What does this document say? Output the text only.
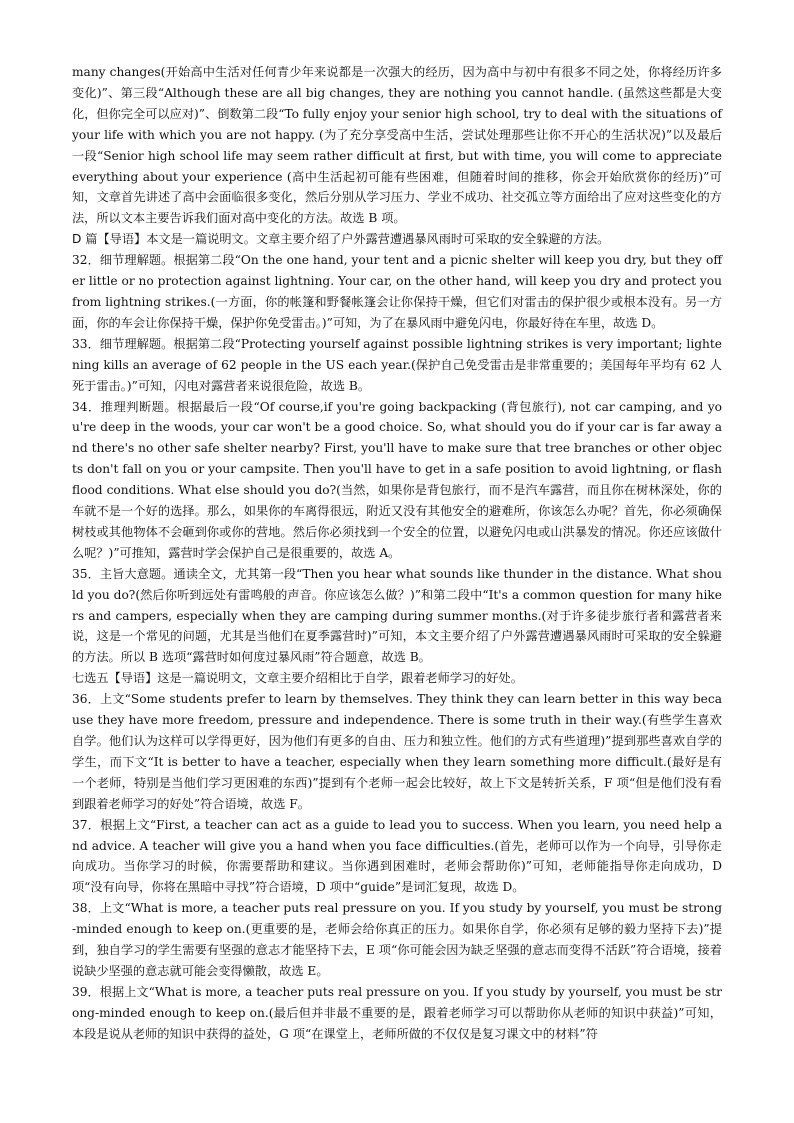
many changes(开始高中生活对任何青少年来说都是一次强大的经历，因为高中与初中有很多不同之处，你将经历许多变化)”、第三段“Although these are all big changes, they are nothing you cannot handle. (虽然这些都是大变化，但你完全可以应对)”、倒数第二段“To fully enjoy your senior high school, try to deal with the situations of your life with which you are not happy. (为了充分享受高中生活，尝试处理那些让你不开心的生活状况)”以及最后一段“Senior high school life may seem rather difficult at first, but with time, you will come to appreciate everything about your experience (高中生活起初可能有些困难，但随着时间的推移，你会开始欣赏你的经历)”可知，文章首先讲述了高中会面临很多变化，然后分别从学习压力、学业不成功、社交孤立等方面给出了应对这些变化的方法，所以文本主要告诉我们面对高中变化的方法。故选 B 项。

D 篇【导语】本文是一篇说明文。文章主要介绍了户外露营遭遇暴风雨时可采取的安全躲避的方法。

32．细节理解题。根据第二段“On the one hand, your tent and a picnic shelter will keep you dry, but they offer little or no protection against lightning. Your car, on the other hand, will keep you dry and protect you from lightning strikes.(一方面，你的帐篷和野餐帐篷会让你保持干燥，但它们对雷击的保护很少或根本没有。另一方面，你的车会让你保持干燥，保护你免受雷击。)”可知，为了在暴风雨中避免闪电，你最好待在车里，故选 D。

33．细节理解题。根据第二段“Protecting yourself against possible lightning strikes is very important; lightening kills an average of 62 people in the US each year.(保护自己免受雷击是非常重要的；美国每年平均有 62 人死于雷击。)”可知，闪电对露营者来说很危险，故选 B。

34．推理判断题。根据最后一段“Of course,if you're going backpacking (背包旅行), not car camping, and you're deep in the woods, your car won't be a good choice. So, what should you do if your car is far away and there's no other safe shelter nearby? First, you'll have to make sure that tree branches or other objects don't fall on you or your campsite. Then you'll have to get in a safe position to avoid lightning, or flash flood conditions. What else should you do?(当然，如果你是背包旅行，而不是汽车露营，而且你在树林深处，你的车就不是一个好的选择。那么，如果你的车离得很远，附近又没有其他安全的避难所，你该怎么办呢？首先，你必须确保树枝或其他物体不会砸到你或你的营地。然后你必须找到一个安全的位置，以避免闪电或山洪暴发的情况。你还应该做什么呢？)”可推知，露营时学会保护自己是很重要的，故选 A。

35．主旨大意题。通读全文，尤其第一段“Then you hear what sounds like thunder in the distance. What should you do?(然后你听到远处有雷鸣般的声音。你应该怎么做？)”和第二段中“It's a common question for many hikers and campers, especially when they are camping during summer months.(对于许多徒步旅行者和露营者来说，这是一个常见的问题，尤其是当他们在夏季露营时)”可知，本文主要介绍了户外露营遭遇暴风雨时可采取的安全躲避的方法。所以 B 选项“露营时如何度过暴风雨”符合题意，故选 B。

七选五【导语】这是一篇说明文，文章主要介绍相比于自学，跟着老师学习的好处。

36．上文“Some students prefer to learn by themselves. They think they can learn better in this way because they have more freedom, pressure and independence. There is some truth in their way.(有些学生喜欢自学。他们认为这样可以学得更好，因为他们有更多的自由、压力和独立性。他们的方式有些道理)”提到那些喜欢自学的学生，而下文“It is better to have a teacher, especially when they learn something more difficult.(最好是有一个老师，特别是当他们学习更困难的东西)”提到有个老师一起会比较好，故上下文是转折关系，F 项“但是他们没有看到跟着老师学习的好处”符合语境，故选 F。

37．根据上文“First, a teacher can act as a guide to lead you to success. When you learn, you need help and advice. A teacher will give you a hand when you face difficulties.(首先，老师可以作为一个向导，引导你走向成功。当你学习的时候，你需要帮助和建议。当你遇到困难时，老师会帮助你)”可知，老师能指导你走向成功，D 项“没有向导，你将在黑暗中寻找”符合语境，D 项中“guide”是词汇复现，故选 D。

38．上文“What is more, a teacher puts real pressure on you. If you study by yourself, you must be strong-minded enough to keep on.(更重要的是，老师会给你真正的压力。如果你自学，你必须有足够的毅力坚持下去)”提到，独自学习的学生需要有坚强的意志才能坚持下去，E 项“你可能会因为缺乏坚强的意志而变得不活跃”符合语境，接着说缺少坚强的意志就可能会变得懒散，故选 E。

39．根据上文“What is more, a teacher puts real pressure on you. If you study by yourself, you must be strong-minded enough to keep on.(最后但并非最不重要的是，跟着老师学习可以帮助你从老师的知识中获益)”可知，本段是说从老师的知识中获得的益处，G 项“在课堂上，老师所做的不仅仅是复习课文中的材料”符
